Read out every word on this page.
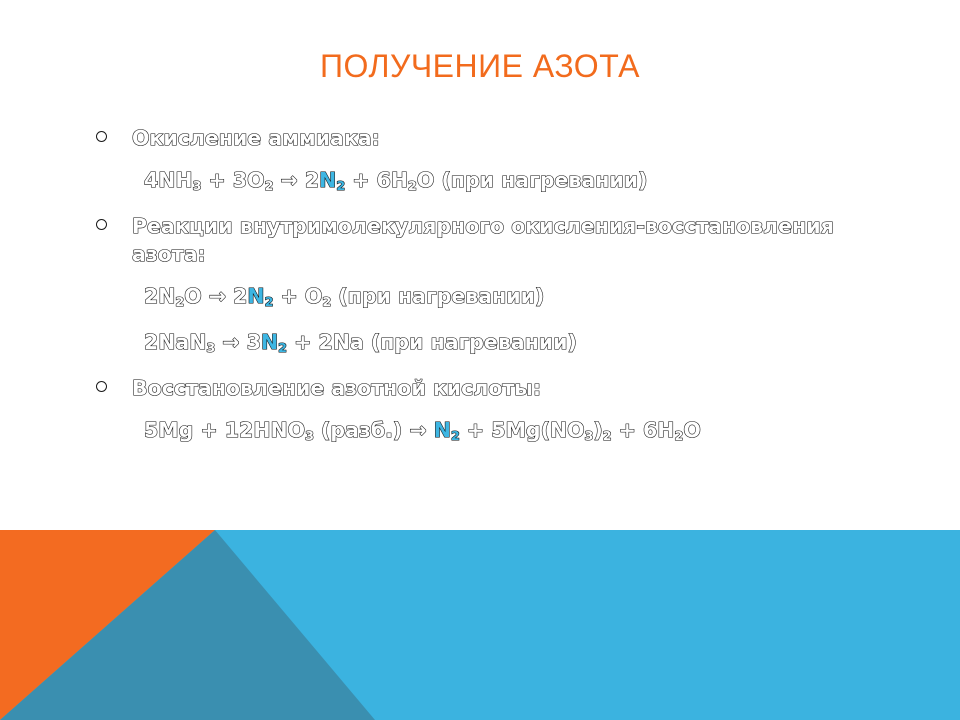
ПОЛУЧЕНИЕ АЗОТА
Окисление аммиака:
$4NH_3 + 3O_2 \to 2N_2 + 6H_2O$ (при нагревании)
Реакции внутримолекулярного окисления-восстановления азота:
$2N_2O \to 2N_2 + O_2$ (при нагревании)
$2NaN_3 \to 3N_2 + 2Na$ (при нагревании)
Восстановление азотной кислоты:
$5Mg + 12HNO_3$ (разб.) → $N_2 + 5Mg(NO_3)_2 + 6H_2O$
